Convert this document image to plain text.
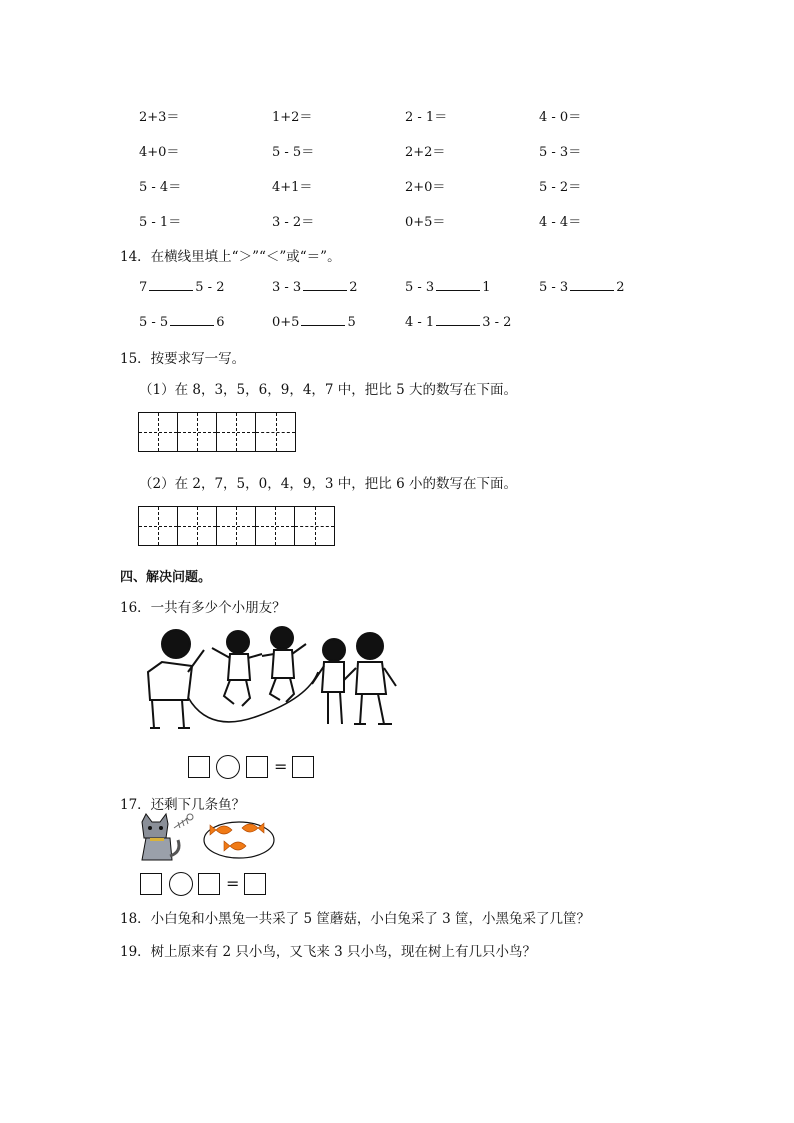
2+3＝	1+2＝	2 - 1＝	4 - 0＝
4+0＝	5 - 5＝	2+2＝	5 - 3＝
5 - 4＝	4+1＝	2+0＝	5 - 2＝
5 - 1＝	3 - 2＝	0+5＝	4 - 4＝
14．在横线里填上“＞”“＜”或“＝”。
7	5 - 2	3 - 3	2	5 - 3	1	5 - 3	2
5 - 5	6	0+5	5	4 - 1	3 - 2
15．按要求写一写。
（1）在 8，3，5，6，9，4，7 中，把比 5 大的数写在下面。
（2）在 2，7，5，0，4，9，3 中，把比 6 小的数写在下面。
四、解决问题。
16．一共有多少个小朋友？
=
17．还剩下几条鱼？
=
18．小白兔和小黑兔一共采了 5 筐蘑菇，小白兔采了 3 筐，小黑兔采了几筐？
19．树上原来有 2 只小鸟，又飞来 3 只小鸟，现在树上有几只小鸟？
